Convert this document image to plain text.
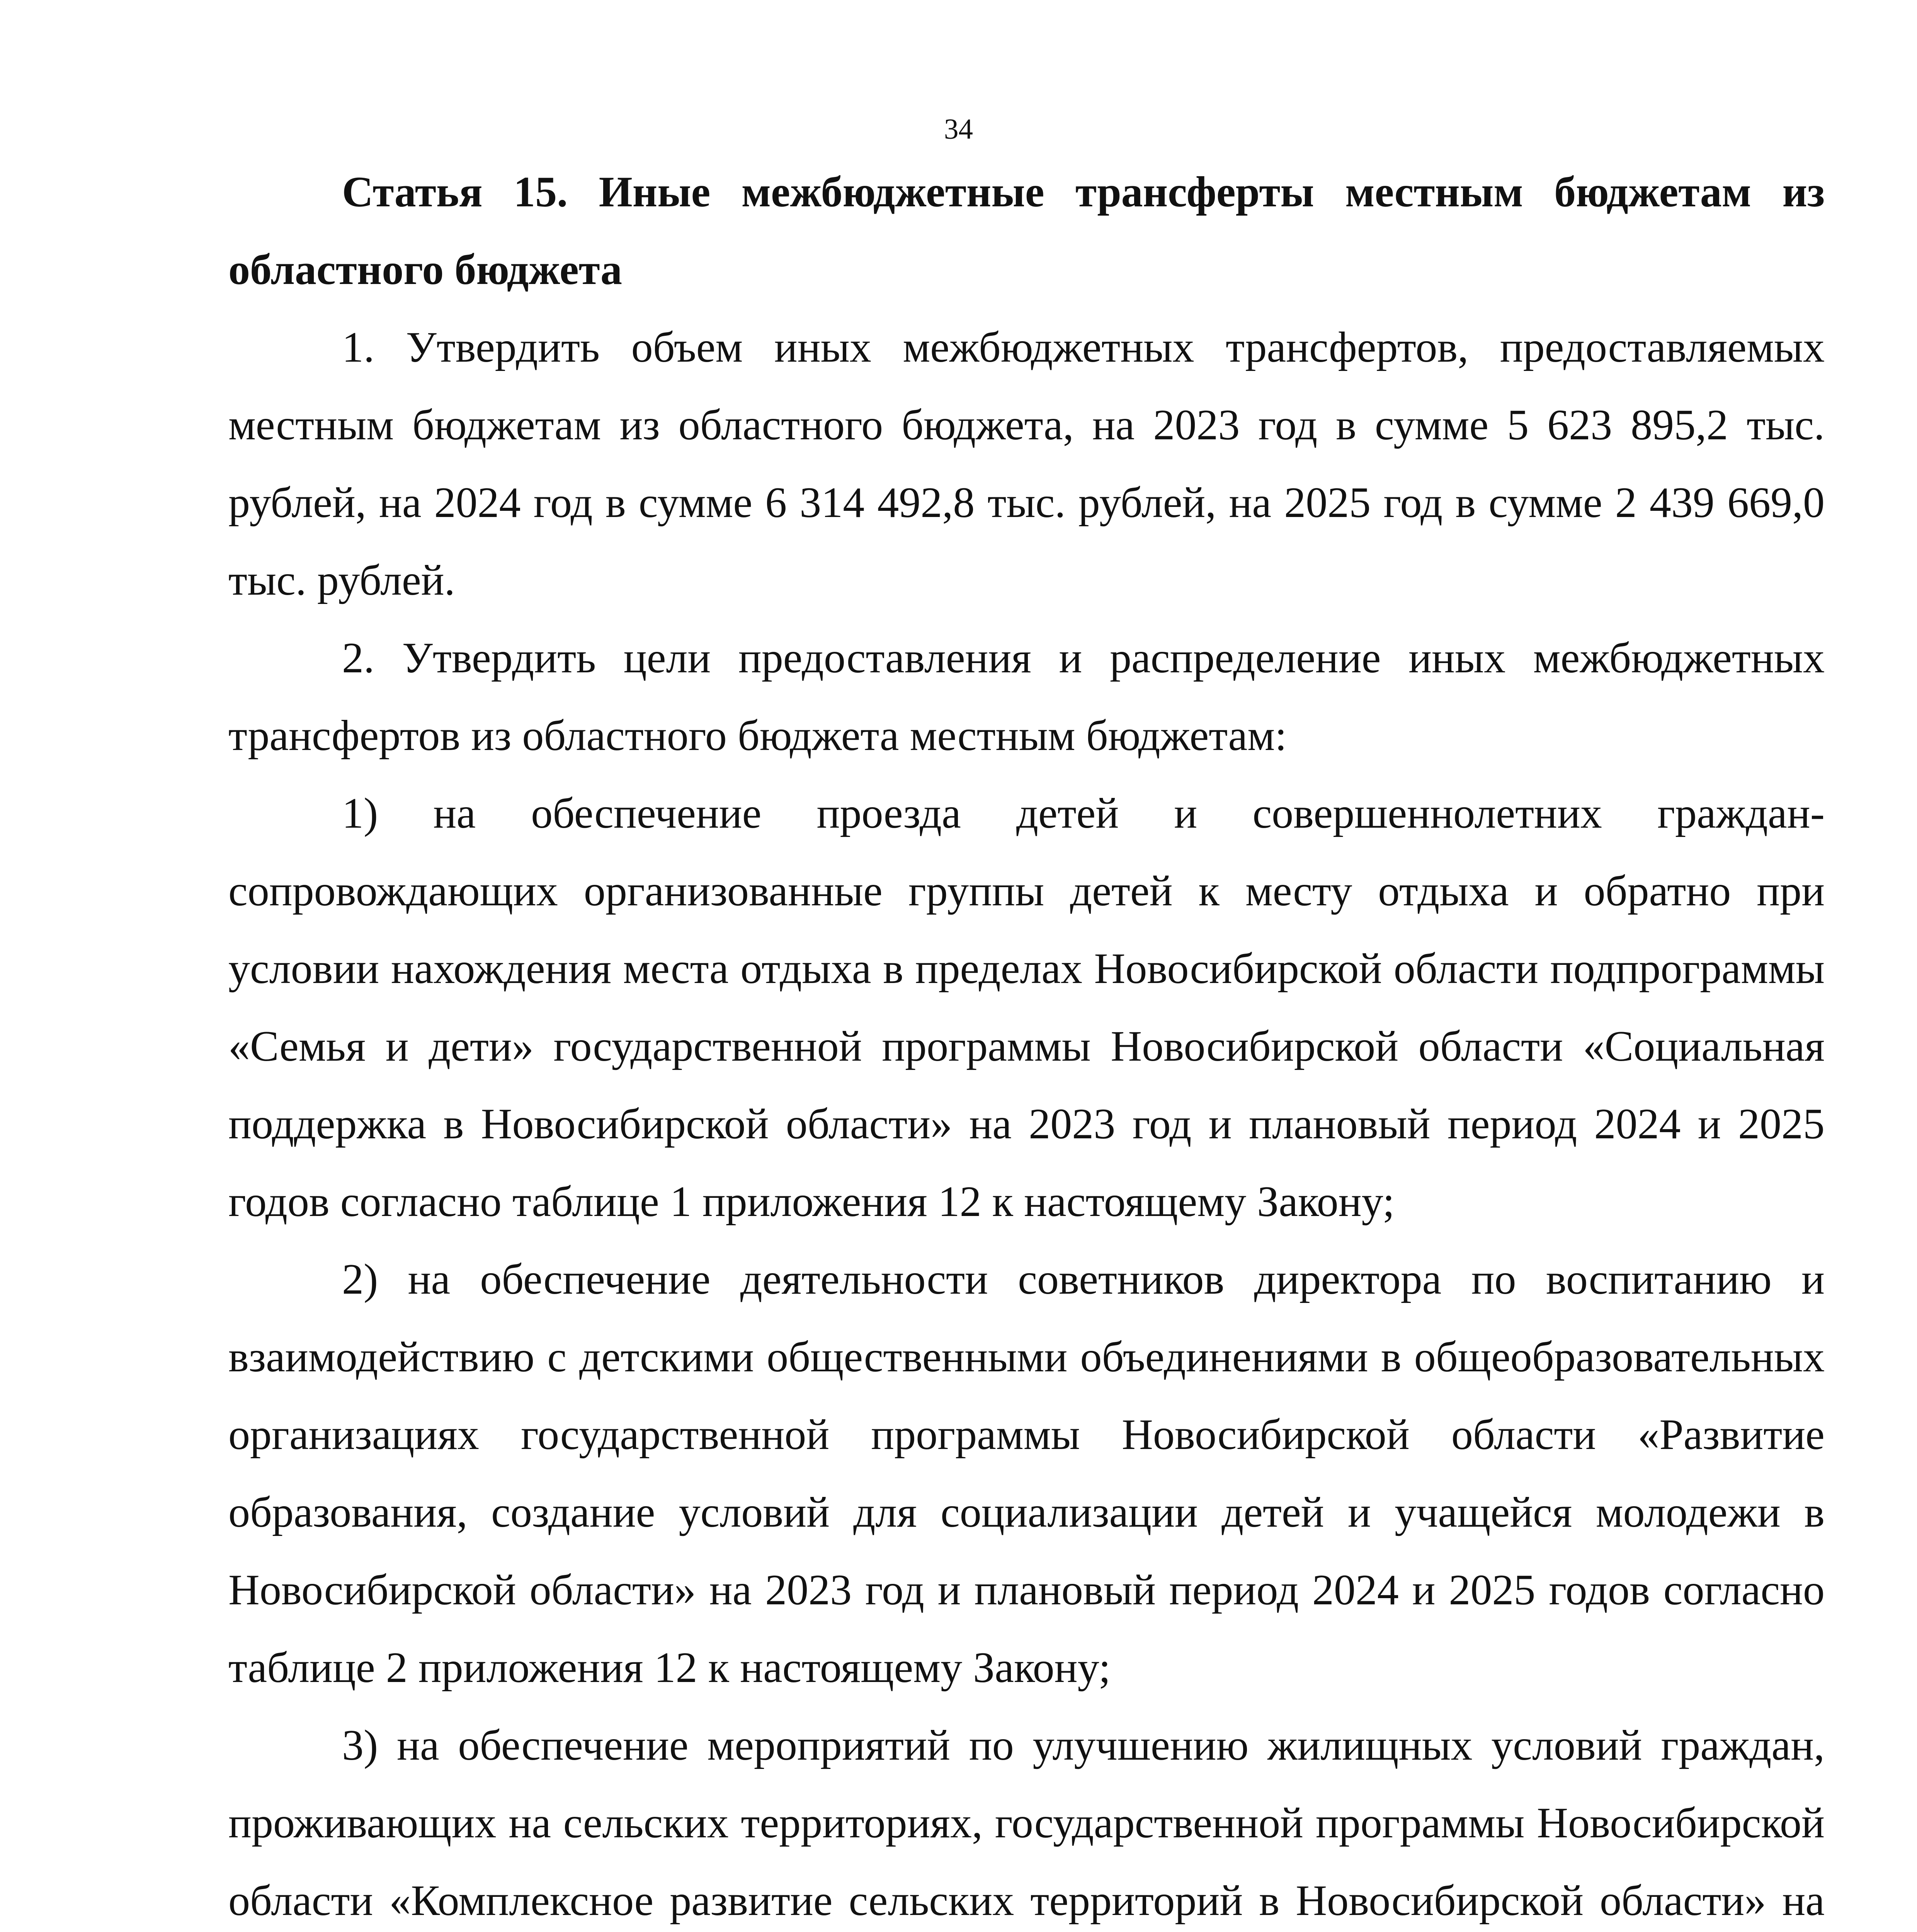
34

Статья 15. Иные межбюджетные трансферты местным бюджетам из областного бюджета

1. Утвердить объем иных межбюджетных трансфертов, предоставляемых местным бюджетам из областного бюджета, на 2023 год в сумме 5 623 895,2 тыс. рублей, на 2024 год в сумме 6 314 492,8 тыс. рублей, на 2025 год в сумме 2 439 669,0 тыс. рублей.

2. Утвердить цели предоставления и распределение иных межбюджетных трансфертов из областного бюджета местным бюджетам:

1) на обеспечение проезда детей и совершеннолетних граждан-сопровождающих организованные группы детей к месту отдыха и обратно при условии нахождения места отдыха в пределах Новосибирской области подпрограммы «Семья и дети» государственной программы Новосибирской области «Социальная поддержка в Новосибирской области» на 2023 год и плановый период 2024 и 2025 годов согласно таблице 1 приложения 12 к настоящему Закону;

2) на обеспечение деятельности советников директора по воспитанию и взаимодействию с детскими общественными объединениями в общеобразовательных организациях государственной программы Новосибирской области «Развитие образования, создание условий для социализации детей и учащейся молодежи в Новосибирской области» на 2023 год и плановый период 2024 и 2025 годов согласно таблице 2 приложения 12 к настоящему Закону;

3) на обеспечение мероприятий по улучшению жилищных условий граждан, проживающих на сельских территориях, государственной программы Новосибирской области «Комплексное развитие сельских территорий в Новосибирской области» на
